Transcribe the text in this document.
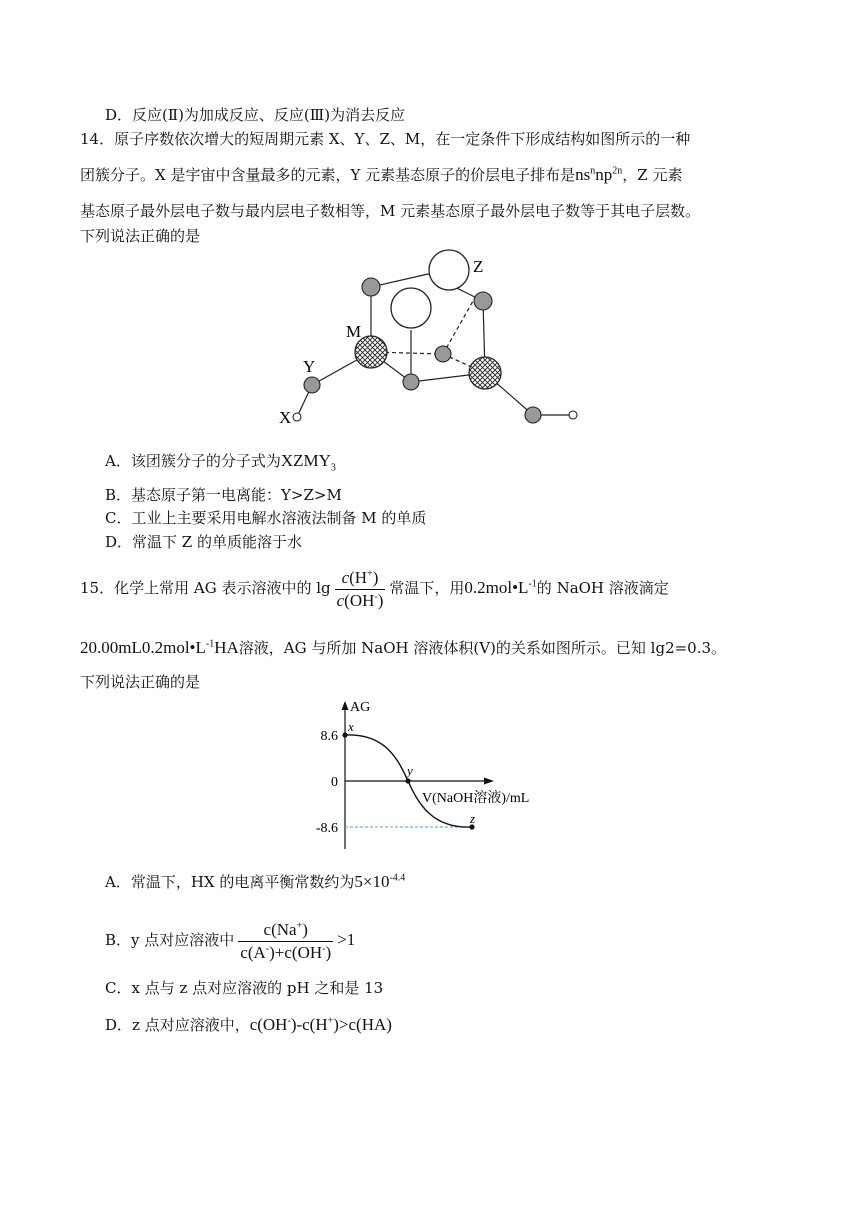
D．反应(Ⅱ)为加成反应、反应(Ⅲ)为消去反应
14．原子序数依次增大的短周期元素 X、Y、Z、M，在一定条件下形成结构如图所示的一种
团簇分子。X 是宇宙中含量最多的元素，Y 元素基态原子的价层电子排布是$ns^nnp^{2n}$，Z 元素
基态原子最外层电子数与最内层电子数相等，M 元素基态原子最外层电子数等于其电子层数。
下列说法正确的是
Z
M
Y
X
A．该团簇分子的分子式为$XZMY_3$
B．基态原子第一电离能：Y>Z>M
C．工业上主要采用电解水溶液法制备 M 的单质
D．常温下 Z 的单质能溶于水
15．化学上常用 AG 表示溶液中的 $\lg \frac{c(H^+)}{c(OH^-)}$ 常温下，用$0.2mol•L^{-1}$的 NaOH 溶液滴定
$20.00mL0.2mol•L^{-1}HA$溶液，AG 与所加 NaOH 溶液体积(V)的关系如图所示。已知 lg2=0.3。
下列说法正确的是
AG
8.6
0
-8.6
x
y
z
V(NaOH溶液)/mL
A．常温下，HX 的电离平衡常数约为$5\times 10^{-4.4}$
B．y 点对应溶液中 $\frac{c(Na^+)}{c(A^-)+c(OH^-)} >1$
C．x 点与 z 点对应溶液的 pH 之和是 13
D．z 点对应溶液中，c(OH-)-c(H+)>c(HA)
